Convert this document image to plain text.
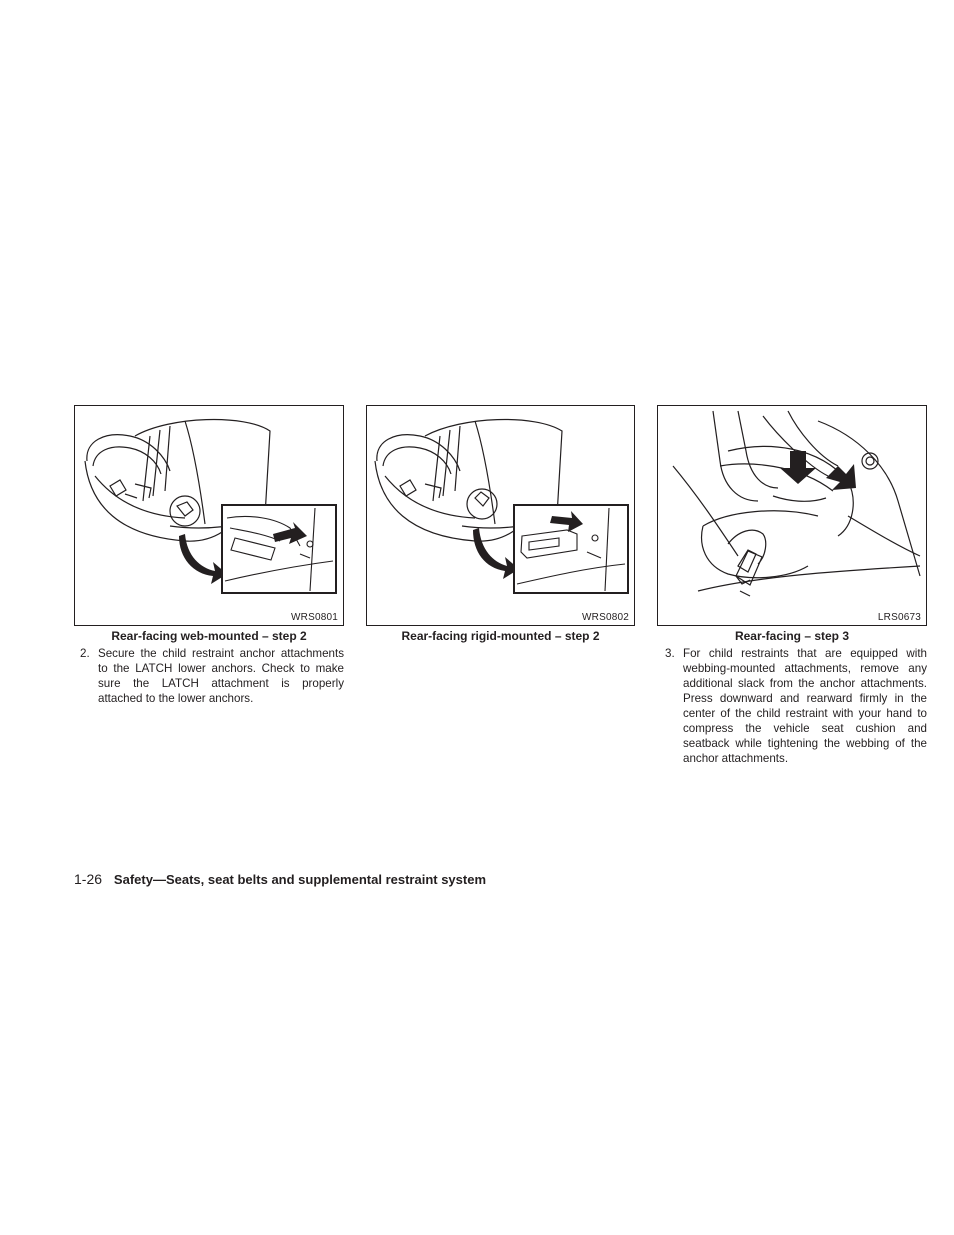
WRS0801
Rear-facing web-mounted – step 2
2. Secure the child restraint anchor attachments to the LATCH lower anchors. Check to make sure the LATCH attachment is properly attached to the lower anchors.
WRS0802
Rear-facing rigid-mounted – step 2
LRS0673
Rear-facing – step 3
3. For child restraints that are equipped with webbing-mounted attachments, remove any additional slack from the anchor attachments. Press downward and rearward firmly in the center of the child restraint with your hand to compress the vehicle seat cushion and seatback while tightening the webbing of the anchor attachments.
1-26 Safety—Seats, seat belts and supplemental restraint system
